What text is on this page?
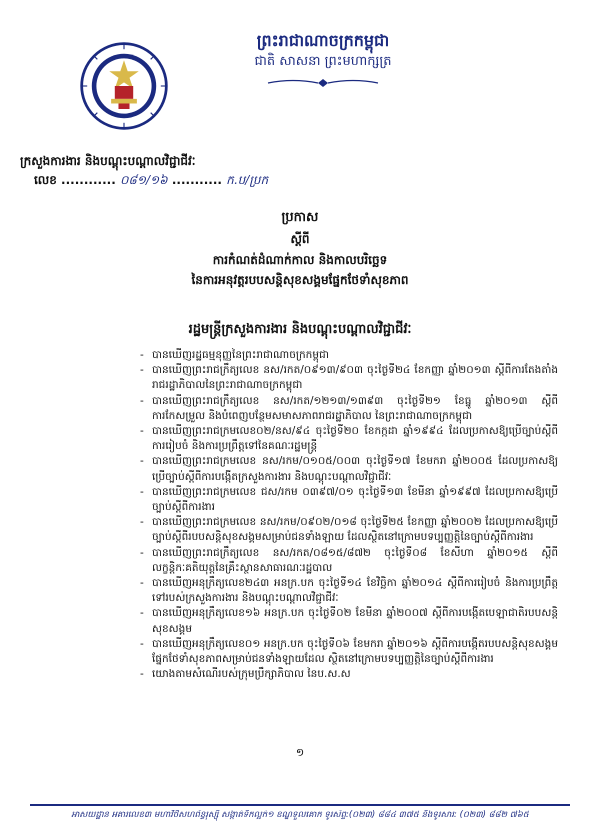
ព្រះរាជាណាចក្រកម្ពុជា
ជាតិ សាសនា ព្រះមហាក្សត្រ
ក្រសួងការងារ និងបណ្តុះបណ្តាលវិជ្ជាជីវៈ
លេខ ............ ០៨១/១៦ ........... ក.ប/ប្រក
ប្រកាស
ស្តីពី
ការកំណត់ដំណាក់កាល និងកាលបរិច្ឆេទ
នៃការអនុវត្តរបបសន្តិសុខសង្គមផ្នែកថែទាំសុខភាព
រដ្ឋមន្ត្រីក្រសួងការងារ និងបណ្តុះបណ្តាលវិជ្ជាជីវៈ
- បានឃើញរដ្ឋធម្មនុញ្ញនៃព្រះរាជាណាចក្រកម្ពុជា
- បានឃើញព្រះរាជក្រឹត្យលេខ នស/រកត/០៩១៣/៩០៣ ចុះថ្ងៃទី២៤ ខែកញ្ញា ឆ្នាំ២០១៣ ស្តីពីការតែងតាំងរាជរដ្ឋាភិបាលនៃព្រះរាជាណាចក្រកម្ពុជា
- បានឃើញព្រះរាជក្រឹត្យលេខ នស/រកត/១២១៣/១៣៩៣ ចុះថ្ងៃទី២១ ខែធ្នូ ឆ្នាំ២០១៣ ស្តីពីការកែសម្រួល និងបំពេញបន្ថែមសមាសភាពរាជរដ្ឋាភិបាល នៃព្រះរាជាណាចក្រកម្ពុជា
- បានឃើញព្រះរាជក្រមលេខ០២/នស/៩៤ ចុះថ្ងៃទី២០ ខែកក្កដា ឆ្នាំ១៩៩៤ ដែលប្រកាសឱ្យប្រើច្បាប់ស្តីពីការរៀបចំ និងការប្រព្រឹត្តទៅនៃគណៈរដ្ឋមន្ត្រី
- បានឃើញព្រះរាជក្រមលេខ នស/រកម/០១០៥/០០៣ ចុះថ្ងៃទី១៧ ខែមករា ឆ្នាំ២០០៥ ដែលប្រកាសឱ្យប្រើច្បាប់ស្តីពីការបង្កើតក្រសួងការងារ និងបណ្តុះបណ្តាលវិជ្ជាជីវៈ
- បានឃើញព្រះរាជក្រមលេខ ជស/រកម ០៣៩៧/០១ ចុះថ្ងៃទី១៣ ខែមីនា ឆ្នាំ១៩៩៧ ដែលប្រកាសឱ្យប្រើច្បាប់ស្តីពីការងារ
- បានឃើញព្រះរាជក្រមលេខ នស/រកម/០៩០២/០១៨ ចុះថ្ងៃទី២៥ ខែកញ្ញា ឆ្នាំ២០០២ ដែលប្រកាសឱ្យប្រើច្បាប់ស្តីពីរបបសន្តិសុខសង្គមសម្រាប់ជនទាំងឡាយ ដែលស្ថិតនៅក្រោមបទប្បញ្ញត្តិនៃច្បាប់ស្តីពីការងារ
- បានឃើញព្រះរាជក្រឹត្យលេខ នស/រកត/០៨១៥/៨៧២ ចុះថ្ងៃទី០៨ ខែសីហា ឆ្នាំ២០១៥ ស្តីពីលក្ខន្តិកៈគតិយុត្តនៃគ្រឹះស្ថានសាធារណៈរដ្ឋបាល
- បានឃើញអនុក្រឹត្យលេខ២៤៣ អនក្រ.បក ចុះថ្ងៃទី១៤ ខែវិច្ឆិកា ឆ្នាំ២០១៤ ស្តីពីការរៀបចំ និងការប្រព្រឹត្តទៅរបស់ក្រសួងការងារ និងបណ្តុះបណ្តាលវិជ្ជាជីវៈ
- បានឃើញអនុក្រឹត្យលេខ១៦ អនក្រ.បក ចុះថ្ងៃទី០២ ខែមីនា ឆ្នាំ២០០៧ ស្តីពីការបង្កើតបេឡាជាតិរបបសន្តិសុខសង្គម
- បានឃើញអនុក្រឹត្យលេខ០១ អនក្រ.បក ចុះថ្ងៃទី០៦ ខែមករា ឆ្នាំ២០១៦ ស្តីពីការបង្កើតរបបសន្តិសុខសង្គម ផ្នែកថែទាំសុខភាពសម្រាប់ជនទាំងឡាយដែល ស្ថិតនៅក្រោមបទប្បញ្ញត្តិនៃច្បាប់ស្តីពីការងារ
- យោងតាមសំណើរបស់ក្រុមប្រឹក្សាភិបាល នៃប.ស.ស
១
អាសយដ្ឋាន អគារលេខ៣ មហាវិថីសហព័ន្ធរុស្ស៊ី សង្កាត់ទឹកល្អក់១ ខណ្ឌទួលគោក ទូរស័ព្ទ:(០២៣) ៨៨៤ ៣៧៥ និងទូរសារ: (០២៣) ៨៨២ ៧៦៥
